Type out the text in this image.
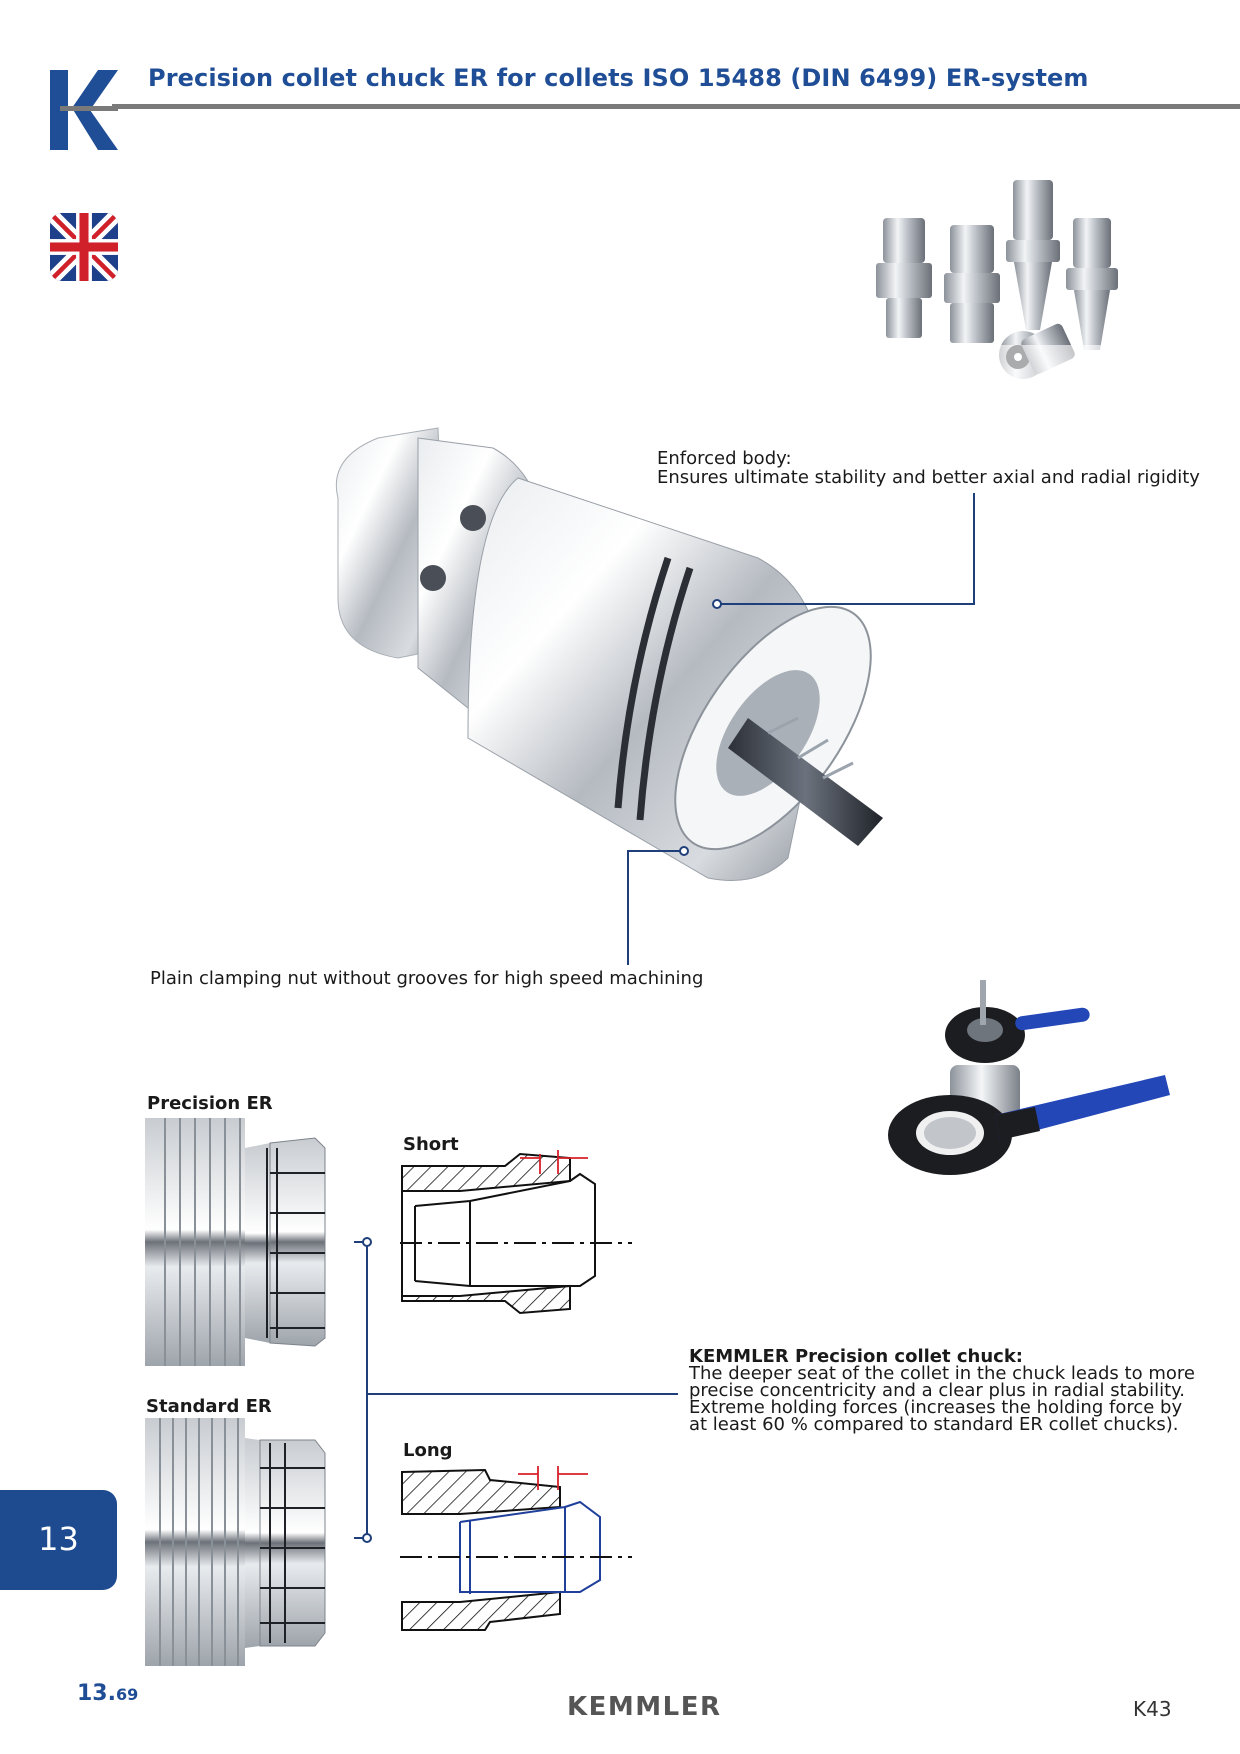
Precision collet chuck ER for collets ISO 15488 (DIN 6499) ER-system
Enforced body:
Ensures ultimate stability and better axial and radial rigidity
Plain clamping nut without grooves for high speed machining
Precision ER
Standard ER
Short
Long
KEMMLER Precision collet chuck:
The deeper seat of the collet in the chuck leads to more
precise concentricity and a clear plus in radial stability.
Extreme holding forces (increases the holding force by
at least 60 % compared to standard ER collet chucks).
13
13.69	KEMMLER	K43
